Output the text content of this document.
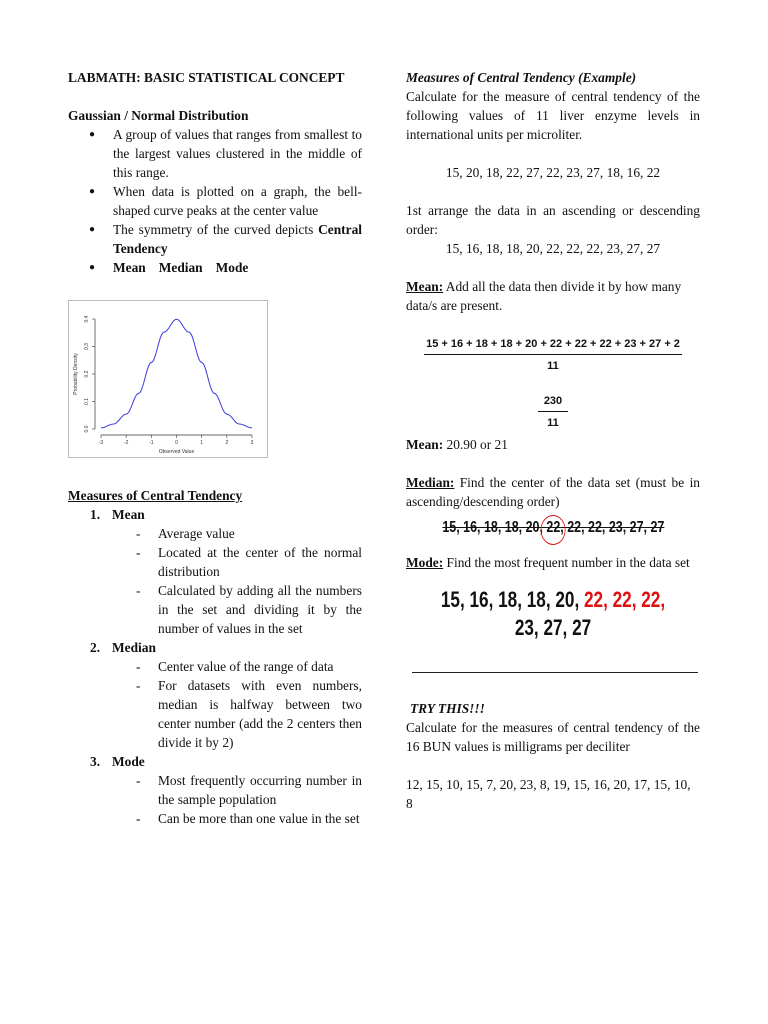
LABMATH: BASIC STATISTICAL CONCEPT

Gaussian / Normal Distribution

● A group of values that ranges from smallest to the largest values clustered in the middle of this range.
● When data is plotted on a graph, the bell-shaped curve peaks at the center value
● The symmetry of the curved depicts Central Tendency
● Mean Median Mode
-3	-2	-1	0	1	2	3
0.0
0.1
0.2
0.3
0.4
Observed Value
Probability Density

Measures of Central Tendency

1. Mean
- Average value
- Located at the center of the normal distribution
- Calculated by adding all the numbers in the set and dividing it by the number of values in the set
2. Median
- Center value of the range of data
- For datasets with even numbers, median is halfway between two center number (add the 2 centers then divide it by 2)
3. Mode
- Most frequently occurring number in the sample population
- Can be more than one value in the set

Measures of Central Tendency (Example)

Calculate for the measure of central tendency of the following values of 11 liver enzyme levels in international units per microliter.

15, 20, 18, 22, 27, 22, 23, 27, 18, 16, 22

1st arrange the data in an ascending or descending order:

15, 16, 18, 18, 20, 22, 22, 22, 23, 27, 27

Mean: Add all the data then divide it by how many data/s are present.

15 + 16 + 18 + 18 + 20 + 22 + 22 + 22 + 23 + 27 + 2
11
230
11

Mean: 20.90 or 21

Median: Find the center of the data set (must be in ascending/descending order)

15, 16, 18, 18, 20, 22
, 22, 22, 23, 27, 27

Mode: Find the most frequent number in the data set

15, 16, 18, 18, 20, 22, 22, 22, 23, 27, 27

TRY THIS!!!

Calculate for the measures of central tendency of the 16 BUN values is milligrams per deciliter

12, 15, 10, 15, 7, 20, 23, 8, 19, 15, 16, 20, 17, 15, 10, 8
